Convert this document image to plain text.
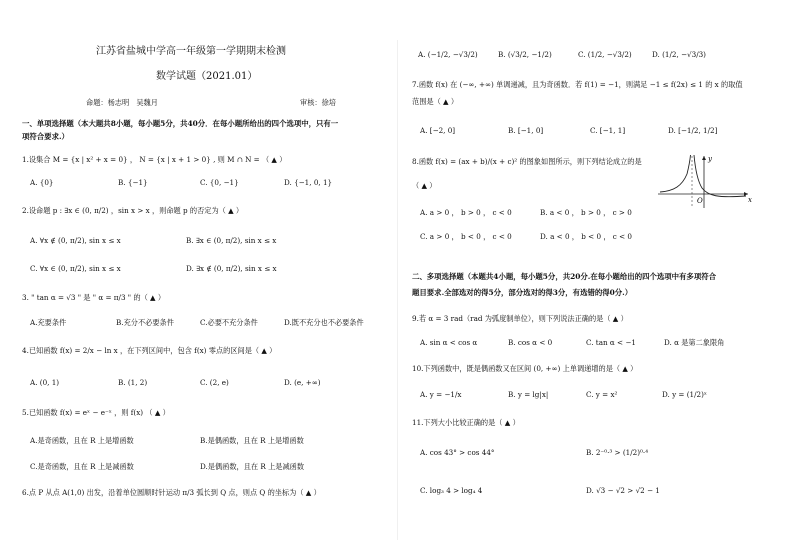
江苏省盐城中学高一年级第一学期期末检测
数学试题（2021.01）
命题：杨志明　吴魏月	审核：徐培
一、单项选择题（本大题共8小题，每小题5分，共40分．在每小题所给出的四个选项中，只有一
项符合要求.）
1.设集合 M = {x | x² + x = 0} ， N = {x | x + 1 > 0} , 则 M ∩ N = （ ▲ ）
A. {0}	B. {−1}	C. {0, −1}	D. {−1, 0, 1}
2.设命题 p : ∃x ∈ (0, π/2) ，sin x > x ，则命题 p 的否定为（ ▲ ）
A. ∀x ∉ (0, π/2), sin x ≤ x	B. ∃x ∈ (0, π/2), sin x ≤ x
C. ∀x ∈ (0, π/2), sin x ≤ x	D. ∃x ∉ (0, π/2), sin x ≤ x
3. " tan α = √3 " 是 " α = π/3 " 的（ ▲ ）
A.充要条件	B.充分不必要条件	C.必要不充分条件	D.既不充分也不必要条件
4.已知函数 f(x) = 2/x − ln x ，在下列区间中，包含 f(x) 零点的区间是（ ▲ ）
A. (0, 1)	B. (1, 2)	C. (2, e)	D. (e, +∞)
5.已知函数 f(x) = eˣ − e⁻ˣ ，则 f(x) （ ▲ ）
A.是奇函数，且在 R 上是增函数	B.是偶函数，且在 R 上是增函数
C.是奇函数，且在 R 上是减函数	D.是偶函数，且在 R 上是减函数
6.点 P 从点 A(1,0) 出发，沿着单位圆顺时针运动 π/3 弧长到 Q 点，则点 Q 的坐标为（ ▲ ）
A. (−1/2, −√3/2)	B. (√3/2, −1/2)	C. (1/2, −√3/2)	D. (1/2, −√3/3)
7.函数 f(x) 在 (−∞, +∞) 单调递减，且为奇函数．若 f(1) = −1，则满足 −1 ≤ f(2x) ≤ 1 的 x 的取值
范围是（ ▲ ）
A. [−2, 0]	B. [−1, 0]	C. [−1, 1]	D. [−1/2, 1/2]
8.函数 f(x) = (ax + b)/(x + c)² 的图象如图所示，则下列结论成立的是
（ ▲ ）
A. a > 0 ， b > 0 ， c < 0	B. a < 0 ， b > 0 ， c > 0
C. a > 0 ， b < 0 ， c < 0	D. a < 0 ， b < 0 ， c < 0
y
x
O
二、多项选择题（本题共4小题，每小题5分，共20分.在每小题给出的四个选项中有多项符合
题目要求.全部选对的得5分，部分选对的得3分，有选错的得0分.）
9.若 α = 3 rad（rad 为弧度制单位），则下列说法正确的是（ ▲ ）
A. sin α < cos α	B. cos α < 0	C. tan α < −1	D. α 是第二象限角
10.下列函数中，既是偶函数又在区间 (0, +∞) 上单调递增的是（ ▲ ）
A. y = −1/x	B. y = lg|x|	C. y = x²	D. y = (1/2)ˣ
11.下列大小比较正确的是（ ▲ ）
A. cos 43° > cos 44°	B. 2⁻⁰·³ > (1/2)⁰·⁴
C. log₃ 4 > log₄ 4	D. √3 − √2 > √2 − 1
